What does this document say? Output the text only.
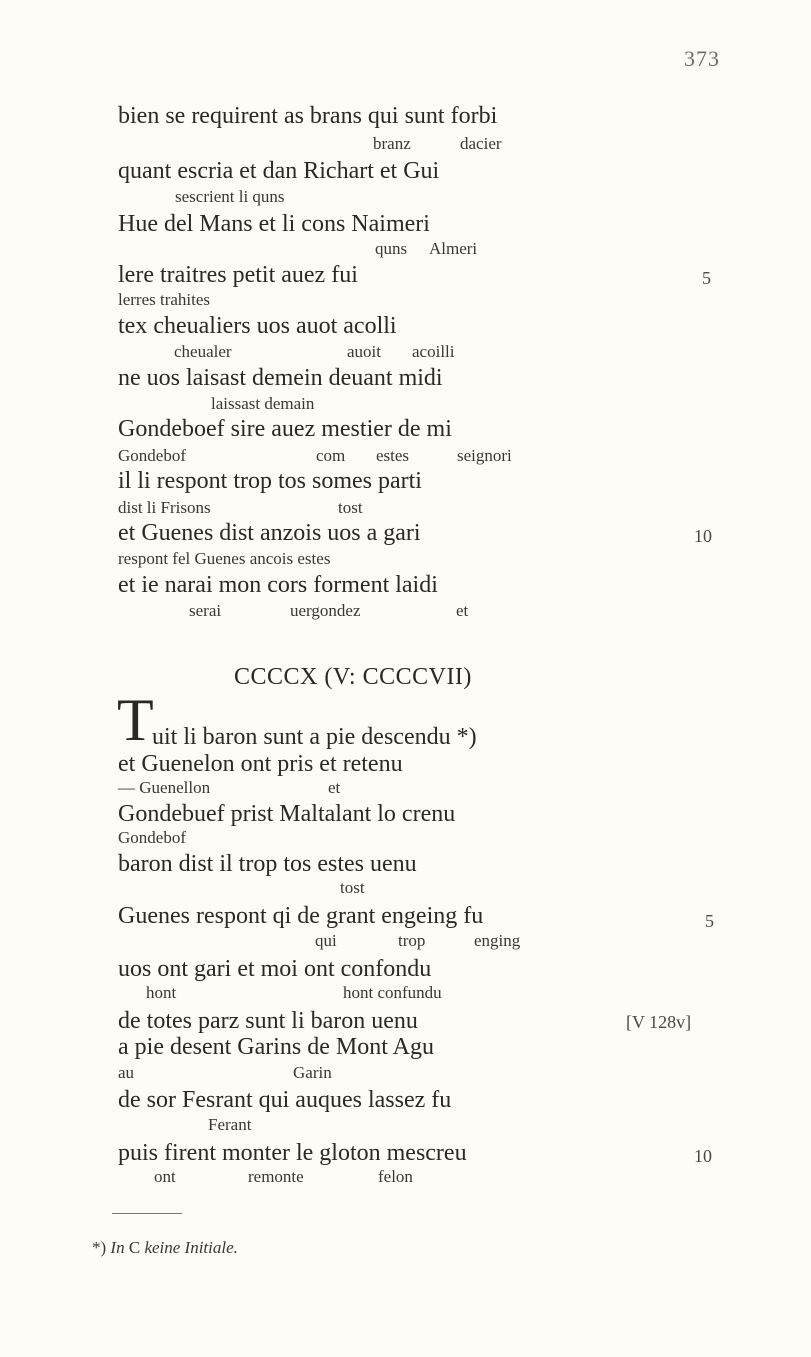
373
bien se requirent as brans qui sunt forbi
branz	dacier
quant escria et dan Richart et Gui
sescrient li quns
Hue del Mans et li cons Naimeri
quns Almeri
lere traitres petit auez fui	5
lerres trahites
tex cheualiers uos auot acolli
cheualer	auoit acoilli
ne uos laisast demein deuant midi
laissast demain
Gondeboef sire auez mestier de mi
Gondebof	com estes	seignori
il li respont trop tos somes parti
dist li Frisons	tost
et Guenes dist anzois uos a gari	10
respont fel Guenes ancois estes
et ie narai mon cors forment laidi
serai	uergondez	et
CCCCX (V: CCCCVII)
T
uit li baron sunt a pie descendu *)
et Guenelon ont pris et retenu
— Guenellon	et
Gondebuef prist Maltalant lo crenu
Gondebof
baron dist il trop tos estes uenu
tost
Guenes respont qi de grant engeing fu	5
qui	trop	enging
uos ont gari et moi ont confondu
hont	hont confundu
de totes parz sunt li baron uenu	[V 128v]
a pie desent Garins de Mont Agu
au	Garin
de sor Fesrant qui auques lassez fu
Ferant
puis firent monter le gloton mescreu	10
ont	remonte	felon
*) In C keine Initiale.
